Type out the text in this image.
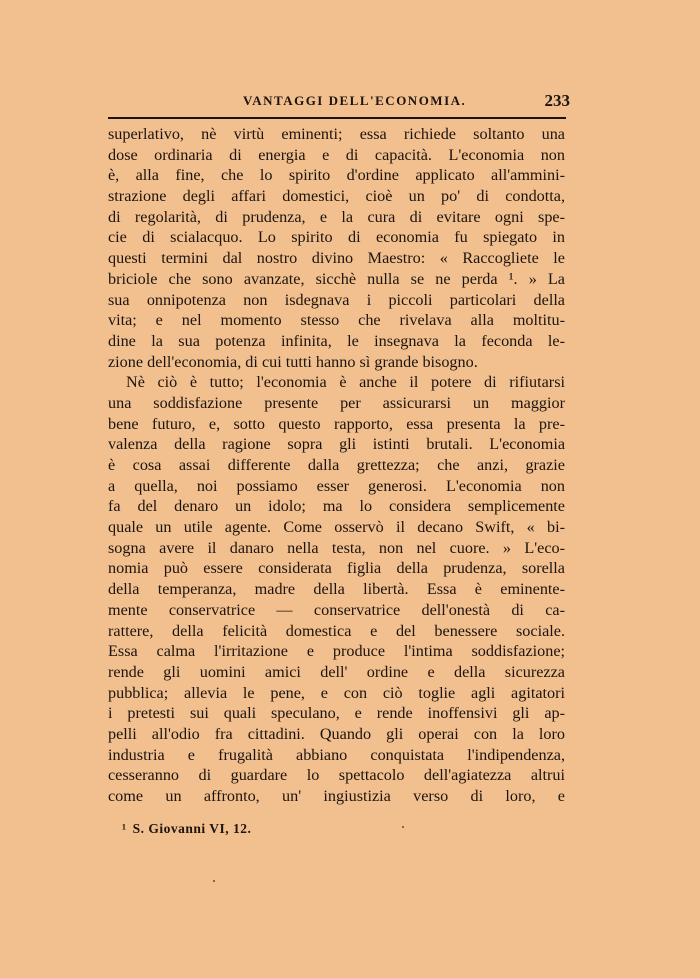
VANTAGGI DELL'ECONOMIA.	233
superlativo, nè virtù eminenti; essa richiede soltanto una
dose ordinaria di energia e di capacità. L'economia non
è, alla fine, che lo spirito d'ordine applicato all'ammini-
strazione degli affari domestici, cioè un po' di condotta,
di regolarità, di prudenza, e la cura di evitare ogni spe-
cie di scialacquo. Lo spirito di economia fu spiegato in
questi termini dal nostro divino Maestro: « Raccogliete le
briciole che sono avanzate, sicchè nulla se ne perda ¹. » La
sua onnipotenza non isdegnava i piccoli particolari della
vita; e nel momento stesso che rivelava alla moltitu-
dine la sua potenza infinita, le insegnava la feconda le-
zione dell'economia, di cui tutti hanno sì grande bisogno.
Nè ciò è tutto; l'economia è anche il potere di rifiutarsi
una soddisfazione presente per assicurarsi un maggior
bene futuro, e, sotto questo rapporto, essa presenta la pre-
valenza della ragione sopra gli istinti brutali. L'economia
è cosa assai differente dalla grettezza; che anzi, grazie
a quella, noi possiamo esser generosi. L'economia non
fa del denaro un idolo; ma lo considera semplicemente
quale un utile agente. Come osservò il decano Swift, « bi-
sogna avere il danaro nella testa, non nel cuore. » L'eco-
nomia può essere considerata figlia della prudenza, sorella
della temperanza, madre della libertà. Essa è eminente-
mente conservatrice — conservatrice dell'onestà di ca-
rattere, della felicità domestica e del benessere sociale.
Essa calma l'irritazione e produce l'intima soddisfazione;
rende gli uomini amici dell' ordine e della sicurezza
pubblica; allevia le pene, e con ciò toglie agli agitatori
i pretesti sui quali speculano, e rende inoffensivi gli ap-
pelli all'odio fra cittadini. Quando gli operai con la loro
industria e frugalità abbiano conquistata l'indipendenza,
cesseranno di guardare lo spettacolo dell'agiatezza altrui
come un affronto, un' ingiustizia verso di loro, e
¹ S. Giovanni VI, 12.
